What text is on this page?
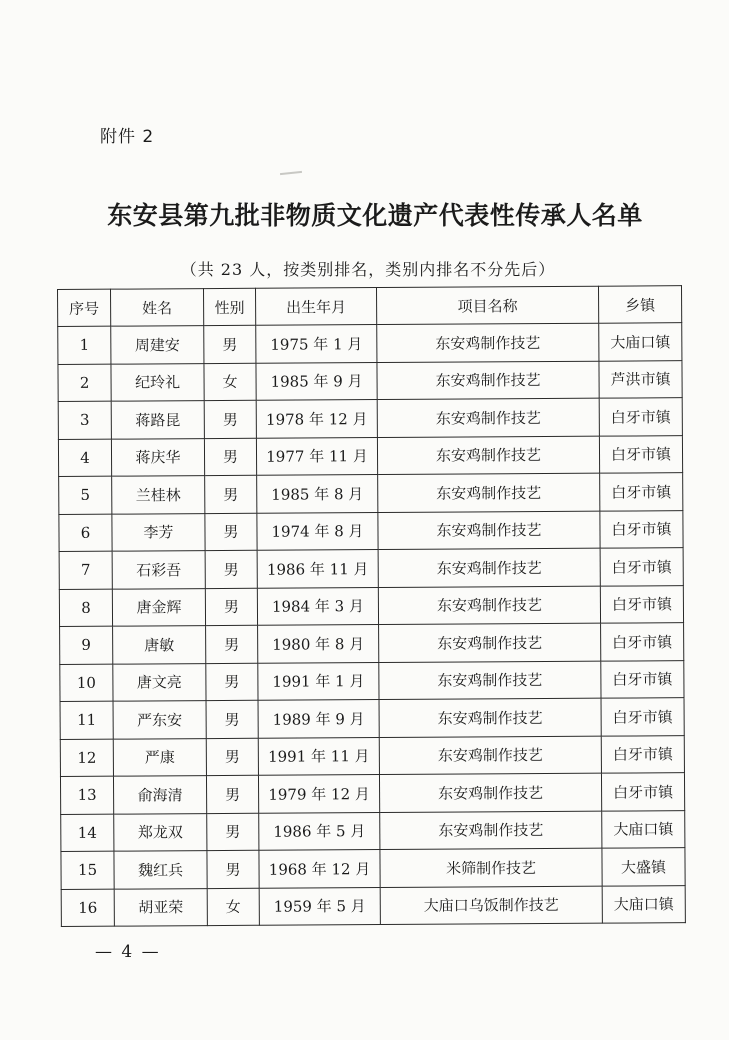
附件 2
东安县第九批非物质文化遗产代表性传承人名单
（共 23 人，按类别排名，类别内排名不分先后）
序号	姓名	性别	出生年月	项目名称	乡镇
1	周建安	男	1975 年 1 月	东安鸡制作技艺	大庙口镇
2	纪玲礼	女	1985 年 9 月	东安鸡制作技艺	芦洪市镇
3	蒋路昆	男	1978 年 12 月	东安鸡制作技艺	白牙市镇
4	蒋庆华	男	1977 年 11 月	东安鸡制作技艺	白牙市镇
5	兰桂林	男	1985 年 8 月	东安鸡制作技艺	白牙市镇
6	李芳	男	1974 年 8 月	东安鸡制作技艺	白牙市镇
7	石彩吾	男	1986 年 11 月	东安鸡制作技艺	白牙市镇
8	唐金辉	男	1984 年 3 月	东安鸡制作技艺	白牙市镇
9	唐敏	男	1980 年 8 月	东安鸡制作技艺	白牙市镇
10	唐文亮	男	1991 年 1 月	东安鸡制作技艺	白牙市镇
11	严东安	男	1989 年 9 月	东安鸡制作技艺	白牙市镇
12	严康	男	1991 年 11 月	东安鸡制作技艺	白牙市镇
13	俞海清	男	1979 年 12 月	东安鸡制作技艺	白牙市镇
14	郑龙双	男	1986 年 5 月	东安鸡制作技艺	大庙口镇
15	魏红兵	男	1968 年 12 月	米筛制作技艺	大盛镇
16	胡亚荣	女	1959 年 5 月	大庙口乌饭制作技艺	大庙口镇
— 4 —
